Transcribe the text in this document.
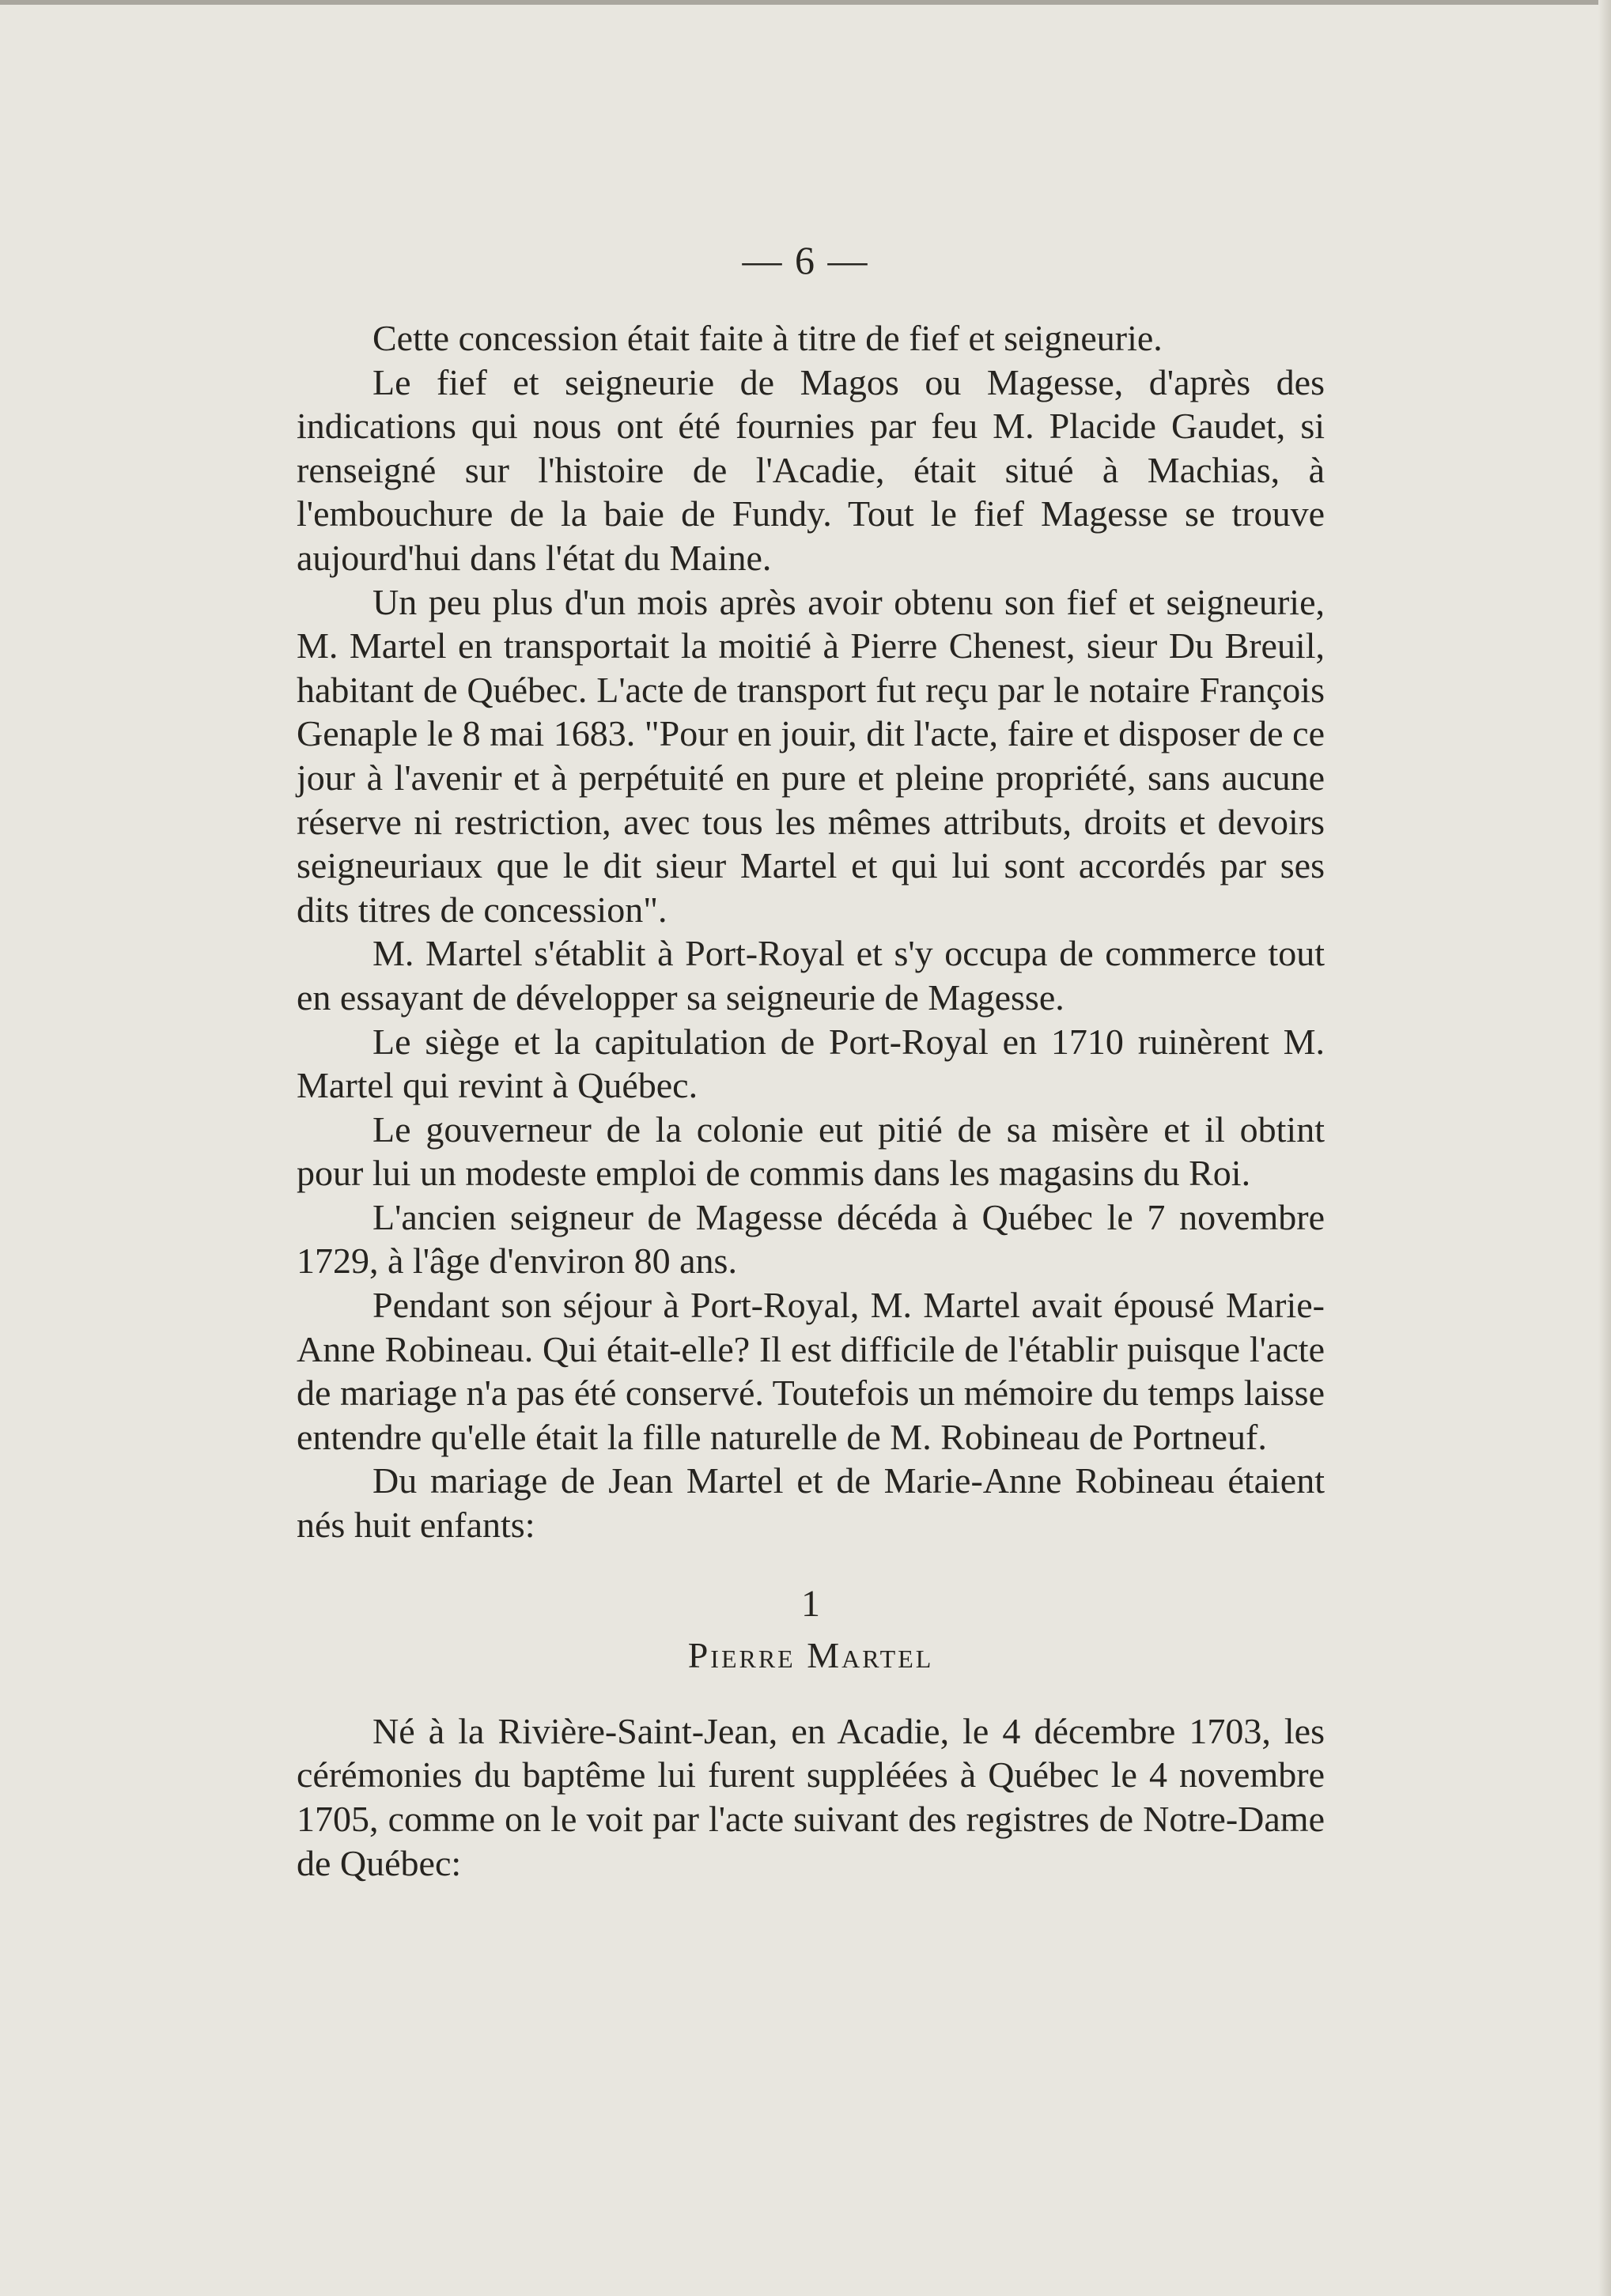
— 6 —

Cette concession était faite à titre de fief et seigneurie.

Le fief et seigneurie de Magos ou Magesse, d'après des indications qui nous ont été fournies par feu M. Placide Gaudet, si renseigné sur l'histoire de l'Acadie, était situé à Machias, à l'embouchure de la baie de Fundy. Tout le fief Magesse se trouve aujourd'hui dans l'état du Maine.

Un peu plus d'un mois après avoir obtenu son fief et seigneurie, M. Martel en transportait la moitié à Pierre Chenest, sieur Du Breuil, habitant de Québec. L'acte de transport fut reçu par le notaire François Genaple le 8 mai 1683. "Pour en jouir, dit l'acte, faire et disposer de ce jour à l'avenir et à perpétuité en pure et pleine propriété, sans aucune réserve ni restriction, avec tous les mêmes attributs, droits et devoirs seigneuriaux que le dit sieur Martel et qui lui sont accordés par ses dits titres de concession".

M. Martel s'établit à Port-Royal et s'y occupa de commerce tout en essayant de développer sa seigneurie de Magesse.

Le siège et la capitulation de Port-Royal en 1710 ruinèrent M. Martel qui revint à Québec.

Le gouverneur de la colonie eut pitié de sa misère et il obtint pour lui un modeste emploi de commis dans les magasins du Roi.

L'ancien seigneur de Magesse décéda à Québec le 7 novembre 1729, à l'âge d'environ 80 ans.

Pendant son séjour à Port-Royal, M. Martel avait épousé Marie-Anne Robineau. Qui était-elle? Il est difficile de l'établir puisque l'acte de mariage n'a pas été conservé. Toutefois un mémoire du temps laisse entendre qu'elle était la fille naturelle de M. Robineau de Portneuf.

Du mariage de Jean Martel et de Marie-Anne Robineau étaient nés huit enfants:

1
Pierre Martel

Né à la Rivière-Saint-Jean, en Acadie, le 4 décembre 1703, les cérémonies du baptême lui furent suppléées à Québec le 4 novembre 1705, comme on le voit par l'acte suivant des registres de Notre-Dame de Québec:
